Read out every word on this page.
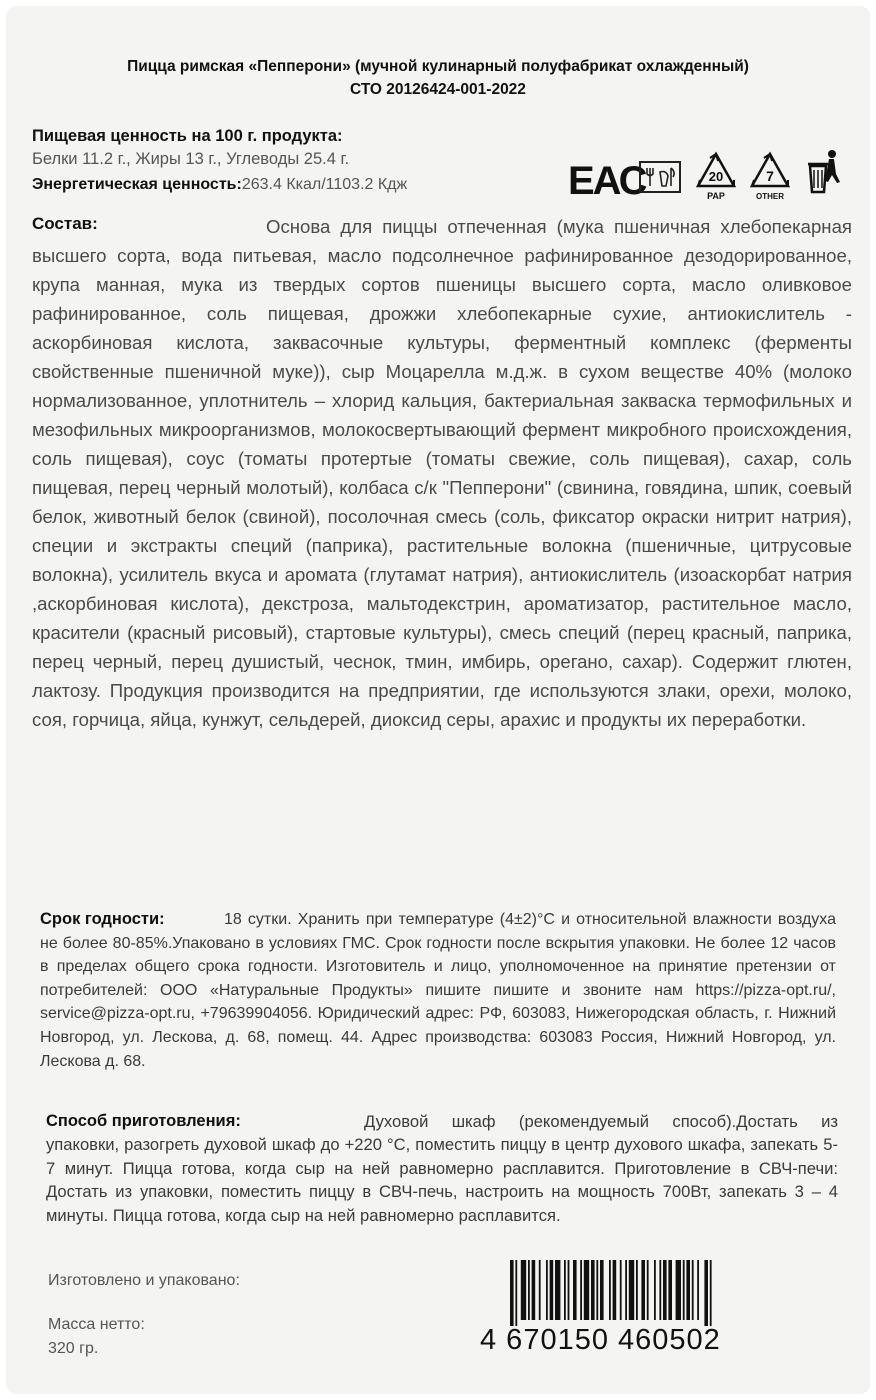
Пицца римская «Пепперони» (мучной кулинарный полуфабрикат охлажденный)
СТО 20126424-001-2022
Пищевая ценность на 100 г. продукта:
Белки 11.2 г., Жиры 13 г., Углеводы 25.4 г.
Энергетическая ценность:263.4 Ккал/1103.2 Кдж	ЕАС	20
PAP
7
OTHER
Состав:	Основа для пиццы отпеченная (мука пшеничная хлебопекарная высшего сорта, вода питьевая, масло подсолнечное рафинированное дезодорированное, крупа манная, мука из твердых сортов пшеницы высшего сорта, масло оливковое рафинированное, соль пищевая, дрожжи хлебопекарные сухие, антиокислитель - аскорбиновая кислота, заквасочные культуры, ферментный комплекс (ферменты свойственные пшеничной муке)), сыр Моцарелла м.д.ж. в сухом веществе 40% (молоко нормализованное, уплотнитель – хлорид кальция, бактериальная закваска термофильных и мезофильных микроорганизмов, молокосвертывающий фермент микробного происхождения, соль пищевая), соус (томаты протертые (томаты свежие, соль пищевая), сахар, соль пищевая, перец черный молотый), колбаса с/к "Пепперони" (свинина, говядина, шпик, соевый белок, животный белок (свиной), посолочная смесь (соль, фиксатор окраски нитрит натрия), специи и экстракты специй (паприка), растительные волокна (пшеничные, цитрусовые волокна), усилитель вкуса и аромата (глутамат натрия), антиокислитель (изоаскорбат натрия ,аскорбиновая кислота), декстроза, мальтодекстрин, ароматизатор, растительное масло, красители (красный рисовый), стартовые культуры), смесь специй (перец красный, паприка, перец черный, перец душистый, чеснок, тмин, имбирь, орегано, сахар). Содержит глютен, лактозу. Продукция производится на предприятии, где используются злаки, орехи, молоко, соя, горчица, яйца, кунжут, сельдерей, диоксид серы, арахис и продукты их переработки.

Срок годности:	18 сутки. Хранить при температуре (4±2)°С и относительной влажности воздуха не более 80-85%.Упаковано в условиях ГМС. Срок годности после вскрытия упаковки. Не более 12 часов в пределах общего срока годности. Изготовитель и лицо, уполномоченное на принятие претензии от потребителей: ООО «Натуральные Продукты» пишите пишите и звоните нам https://pizza-opt.ru/, service@pizza-opt.ru, +79639904056. Юридический адрес: РФ, 603083, Нижегородская область, г. Нижний Новгород, ул. Лескова, д. 68, помещ. 44. Адрес производства: 603083 Россия, Нижний Новгород, ул. Лескова д. 68.

Способ приготовления:	Духовой шкаф (рекомендуемый способ).Достать из упаковки, разогреть духовой шкаф до +220 °С, поместить пиццу в центр духового шкафа, запекать 5-7 минут. Пицца готова, когда сыр на ней равномерно расплавится. Приготовление в СВЧ-печи: Достать из упаковки, поместить пиццу в СВЧ-печь, настроить на мощность 700Вт, запекать 3 – 4 минуты. Пицца готова, когда сыр на ней равномерно расплавится.

Изготовлено и упаковано:
Масса нетто:
320 гр.	4 670150 460502
